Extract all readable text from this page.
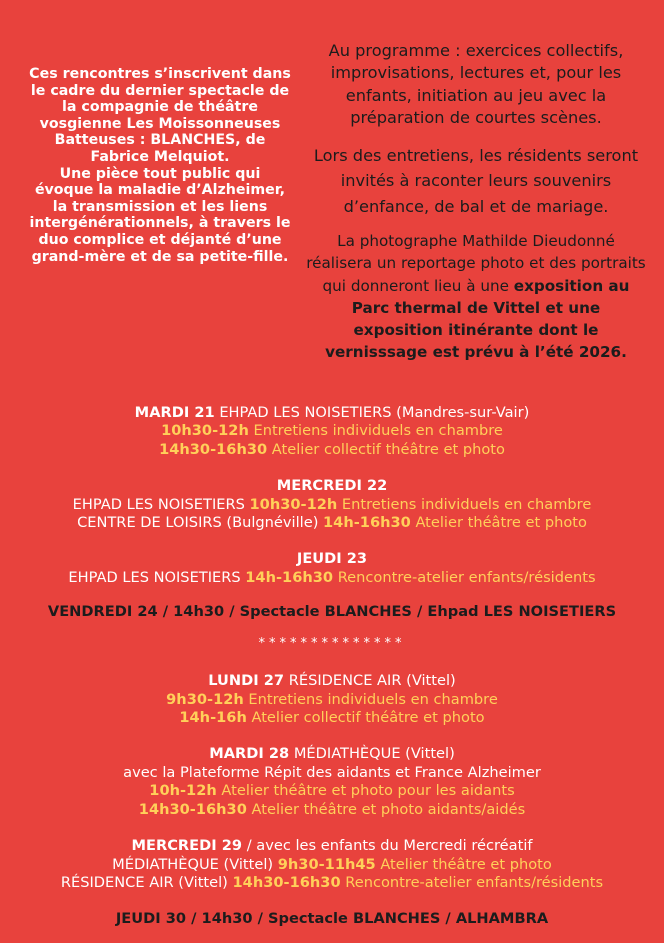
Ces rencontres s’inscrivent dans le cadre du dernier spectacle de la compagnie de théâtre vosgienne Les Moissonneuses Batteuses : BLANCHES, de Fabrice Melquiot.

Une pièce tout public qui évoque la maladie d’Alzheimer, la transmission et les liens intergénérationnels, à travers le duo complice et déjanté d’une grand-mère et de sa petite-fille.

Au programme : exercices collectifs, improvisations, lectures et, pour les enfants, initiation au jeu avec la préparation de courtes scènes.

Lors des entretiens, les résidents seront invités à raconter leurs souvenirs d’enfance, de bal et de mariage.

La photographe Mathilde Dieudonné réalisera un reportage photo et des portraits qui donneront lieu à une exposition au Parc thermal de Vittel et une exposition itinérante dont le vernisssage est prévu à l’été 2026.

MARDI 21 EHPAD LES NOISETIERS (Mandres-sur-Vair)

10h30-12h Entretiens individuels en chambre

14h30-16h30 Atelier collectif théâtre et photo

MERCREDI 22

EHPAD LES NOISETIERS 10h30-12h Entretiens individuels en chambre

CENTRE DE LOISIRS (Bulgnéville) 14h-16h30 Atelier théâtre et photo

JEUDI 23

EHPAD LES NOISETIERS 14h-16h30 Rencontre-atelier enfants/résidents

VENDREDI 24 / 14h30 / Spectacle BLANCHES / Ehpad LES NOISETIERS

**************

LUNDI 27 RÉSIDENCE AIR (Vittel)

9h30-12h Entretiens individuels en chambre

14h-16h Atelier collectif théâtre et photo

MARDI 28 MÉDIATHÈQUE (Vittel)

avec la Plateforme Répit des aidants et France Alzheimer

10h-12h Atelier théâtre et photo pour les aidants

14h30-16h30 Atelier théâtre et photo aidants/aidés

MERCREDI 29 / avec les enfants du Mercredi récréatif

MÉDIATHÈQUE (Vittel) 9h30-11h45 Atelier théâtre et photo

RÉSIDENCE AIR (Vittel) 14h30-16h30 Rencontre-atelier enfants/résidents

JEUDI 30 / 14h30 / Spectacle BLANCHES / ALHAMBRA
